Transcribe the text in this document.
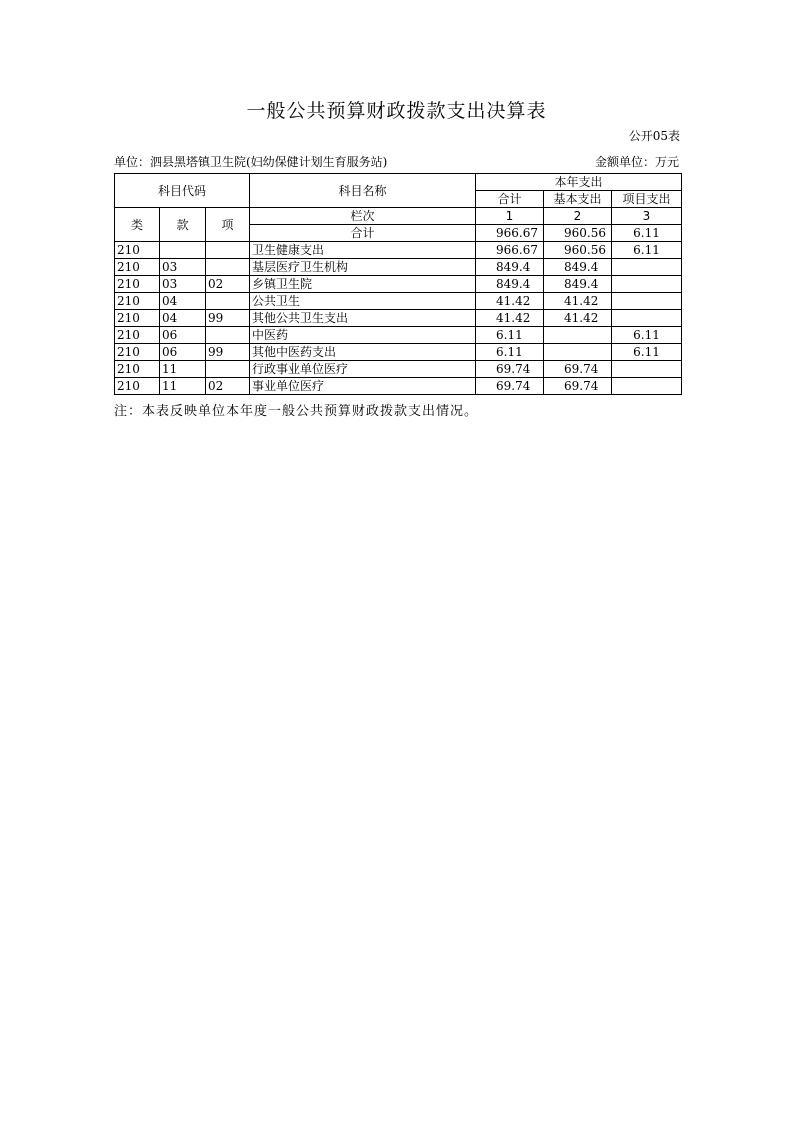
一般公共预算财政拨款支出决算表
公开05表
单位：泗县黑塔镇卫生院(妇幼保健计划生育服务站)	金额单位：万元
科目代码			科目名称	本年支出		
				合计	基本支出	项目支出
类	款	项	栏次	1	2	3
			合计	966.67	960.56	6.11
210			卫生健康支出	966.67	960.56	6.11
210	03		基层医疗卫生机构	849.4	849.4	
210	03	02	乡镇卫生院	849.4	849.4	
210	04		公共卫生	41.42	41.42	
210	04	99	其他公共卫生支出	41.42	41.42	
210	06		中医药	6.11		6.11
210	06	99	其他中医药支出	6.11		6.11
210	11		行政事业单位医疗	69.74	69.74	
210	11	02	事业单位医疗	69.74	69.74	
注：本表反映单位本年度一般公共预算财政拨款支出情况。
